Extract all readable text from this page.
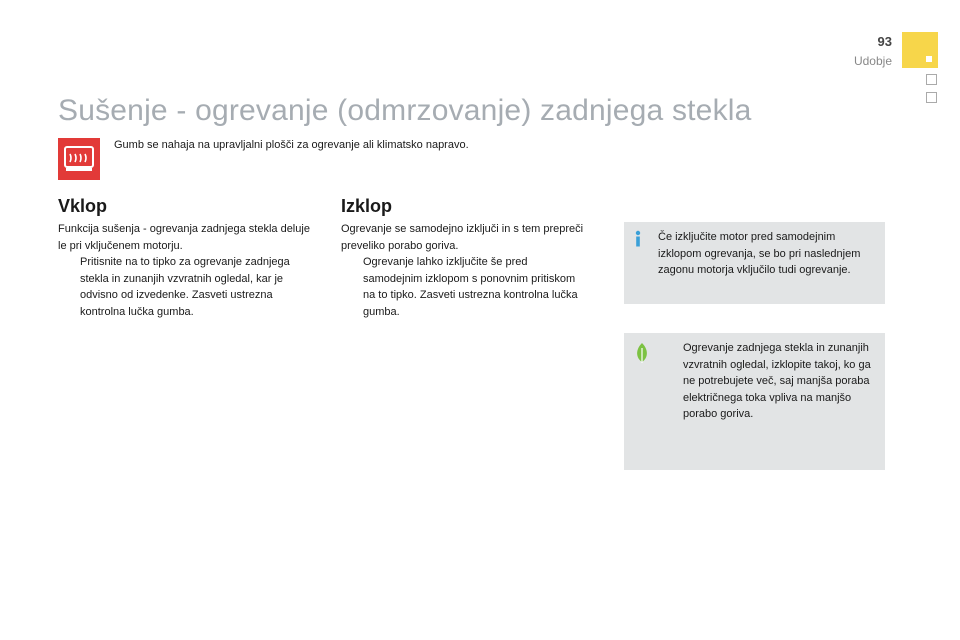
93
Udobje
Sušenje - ogrevanje (odmrzovanje) zadnjega stekla
Gumb se nahaja na upravljalni plošči za ogrevanje ali klimatsko napravo.
Vklop

Funkcija sušenja - ogrevanja zadnjega stekla deluje le pri vključenem motorju.

Pritisnite na to tipko za ogrevanje zadnjega stekla in zunanjih vzvratnih ogledal, kar je odvisno od izvedenke. Zasveti ustrezna kontrolna lučka gumba.
Izklop

Ogrevanje se samodejno izključi in s tem prepreči preveliko porabo goriva.

Ogrevanje lahko izključite še pred samodejnim izklopom s ponovnim pritiskom na to tipko. Zasveti ustrezna kontrolna lučka gumba.
Če izključite motor pred samodejnim izklopom ogrevanja, se bo pri naslednjem zagonu motorja vključilo tudi ogrevanje.
Ogrevanje zadnjega stekla in zunanjih vzvratnih ogledal, izklopite takoj, ko ga ne potrebujete več, saj manjša poraba električnega toka vpliva na manjšo porabo goriva.
